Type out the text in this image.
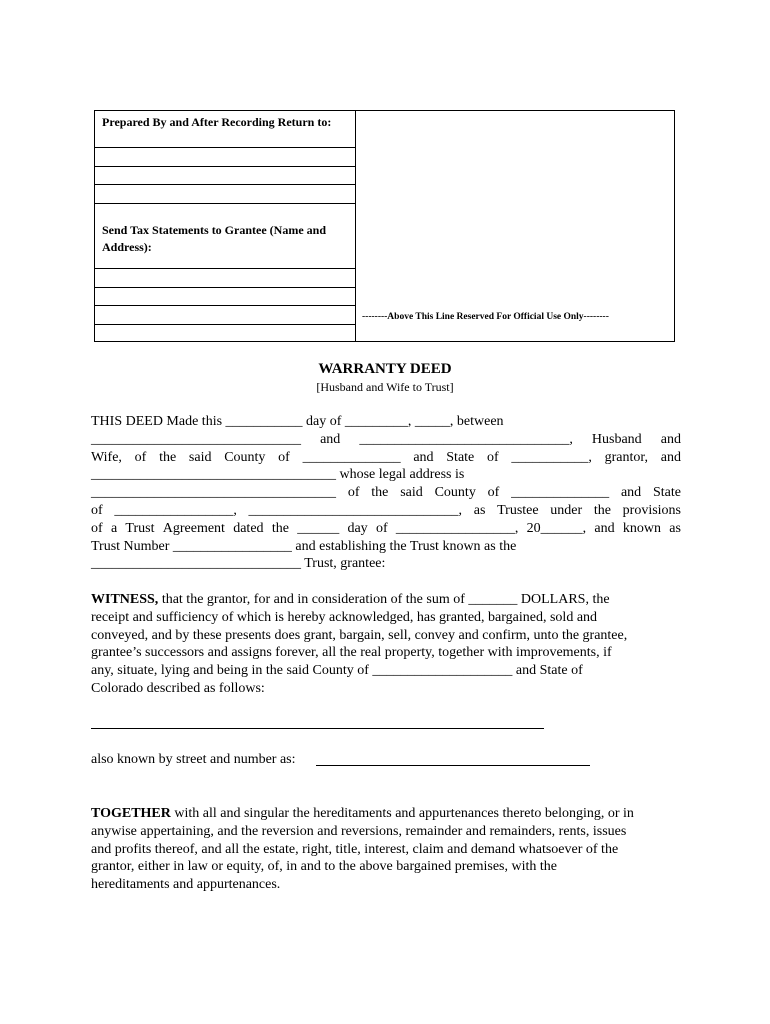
Prepared By and After Recording Return to:
Send Tax Statements to Grantee (Name and
Address):
--------Above This Line Reserved For Official Use Only--------
WARRANTY DEED
[Husband and Wife to Trust]
THIS DEED Made this ___________ day of _________, _____, between
______________________________ and ______________________________, Husband and
Wife, of the said County of ______________ and State of ___________, grantor, and
___________________________________ whose legal address is
___________________________________ of the said County of ______________ and State
of _________________, ______________________________, as Trustee under the provisions
of a Trust Agreement dated the ______ day of _________________, 20______, and known as
Trust Number _________________ and establishing the Trust known as the
______________________________ Trust, grantee:
WITNESS, that the grantor, for and in consideration of the sum of _______ DOLLARS, the
receipt and sufficiency of which is hereby acknowledged, has granted, bargained, sold and
conveyed, and by these presents does grant, bargain, sell, convey and confirm, unto the grantee,
grantee’s successors and assigns forever, all the real property, together with improvements, if
any, situate, lying and being in the said County of ____________________ and State of
Colorado described as follows:
also known by street and number as:
TOGETHER with all and singular the hereditaments and appurtenances thereto belonging, or in
anywise appertaining, and the reversion and reversions, remainder and remainders, rents, issues
and profits thereof, and all the estate, right, title, interest, claim and demand whatsoever of the
grantor, either in law or equity, of, in and to the above bargained premises, with the
hereditaments and appurtenances.
